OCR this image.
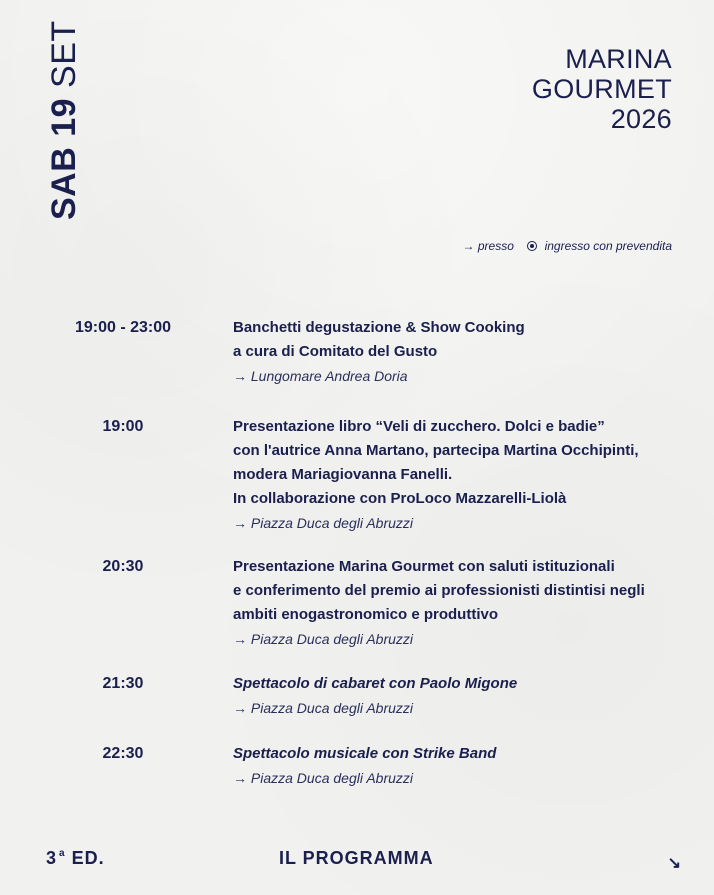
SAB 19 SET	MARINA
GOURMET
2026
→ presso	ingresso con prevendita
19:00 - 23:00	Banchetti degustazione & Show Cooking
a cura di Comitato del Gusto
→ Lungomare Andrea Doria
19:00	Presentazione libro “Veli di zucchero. Dolci e badie”
con l'autrice Anna Martano, partecipa Martina Occhipinti,
modera Mariagiovanna Fanelli.
In collaborazione con ProLoco Mazzarelli-Liolà
→ Piazza Duca degli Abruzzi
20:30	Presentazione Marina Gourmet con saluti istituzionali
e conferimento del premio ai professionisti distintisi negli
ambiti enogastronomico e produttivo
→ Piazza Duca degli Abruzzi
21:30	Spettacolo di cabaret con Paolo Migone
→ Piazza Duca degli Abruzzi
22:30	Spettacolo musicale con Strike Band
→ Piazza Duca degli Abruzzi
3 $^a$ ED.	IL PROGRAMMA	↘
